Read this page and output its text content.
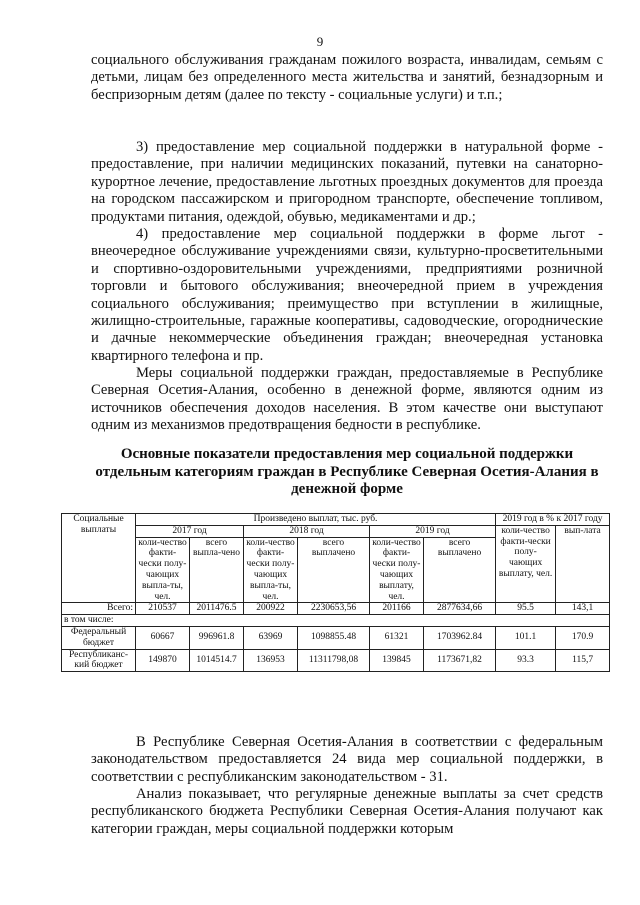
9

социального обслуживания гражданам пожилого возраста, инвалидам, семьям с детьми, лицам без определенного места жительства и занятий, безнадзорным и беспризорным детям (далее по тексту - социальные услуги) и т.п.;

3) предоставление мер социальной поддержки в натуральной форме - предоставление, при наличии медицинских показаний, путевки на санаторно-курортное лечение, предоставление льготных проездных документов для проезда на городском пассажирском и пригородном транспорте, обеспечение топливом, продуктами питания, одеждой, обувью, медикаментами и др.;

4) предоставление мер социальной поддержки в форме льгот - внеочередное обслуживание учреждениями связи, культурно-просветительными и спортивно-оздоровительными учреждениями, предприятиями розничной торговли и бытового обслуживания; внеочередной прием в учреждения социального обслуживания; преимущество при вступлении в жилищные, жилищно-строительные, гаражные кооперативы, садоводческие, огороднические и дачные некоммерческие объединения граждан; внеочередная установка квартирного телефона и пр.

Меры социальной поддержки граждан, предоставляемые в Республике Северная Осетия-Алания, особенно в денежной форме, являются одним из источников обеспечения доходов населения. В этом качестве они выступают одним из механизмов предотвращения бедности в республике.

Основные показатели предоставления мер социальной поддержки отдельным категориям граждан в Республике Северная Осетия-Алания в денежной форме
Социальные выплаты	Произведено выплат, тыс. руб.						2019 год в % к 2017 году	
	2017 год		2018 год		2019 год		коли-чество факти-чески полу-чающих выплату, чел.	вып-лата
	коли-чество факти-чески полу-чающих выпла-ты, чел.	всего выпла-чено	коли-чество факти-чески полу-чающих выпла-ты, чел.	всего выплачено	коли-чество факти-чески полу-чающих выплату, чел.	всего выплачено		
Всего:	210537	2011476.5	200922	2230653,56	201166	2877634,66	95.5	143,1
в том числе:								
Федеральный бюджет	60667	996961.8	63969	1098855.48	61321	1703962.84	101.1	170.9
Республиканс-кий бюджет	149870	1014514.7	136953	11311798,08	139845	1173671,82	93.3	115,7

В Республике Северная Осетия-Алания в соответствии с федеральным законодательством предоставляется 24 вида мер социальной поддержки, в соответствии с республиканским законодательством - 31.

Анализ показывает, что регулярные денежные выплаты за счет средств республиканского бюджета Республики Северная Осетия-Алания получают как категории граждан, меры социальной поддержки которым
